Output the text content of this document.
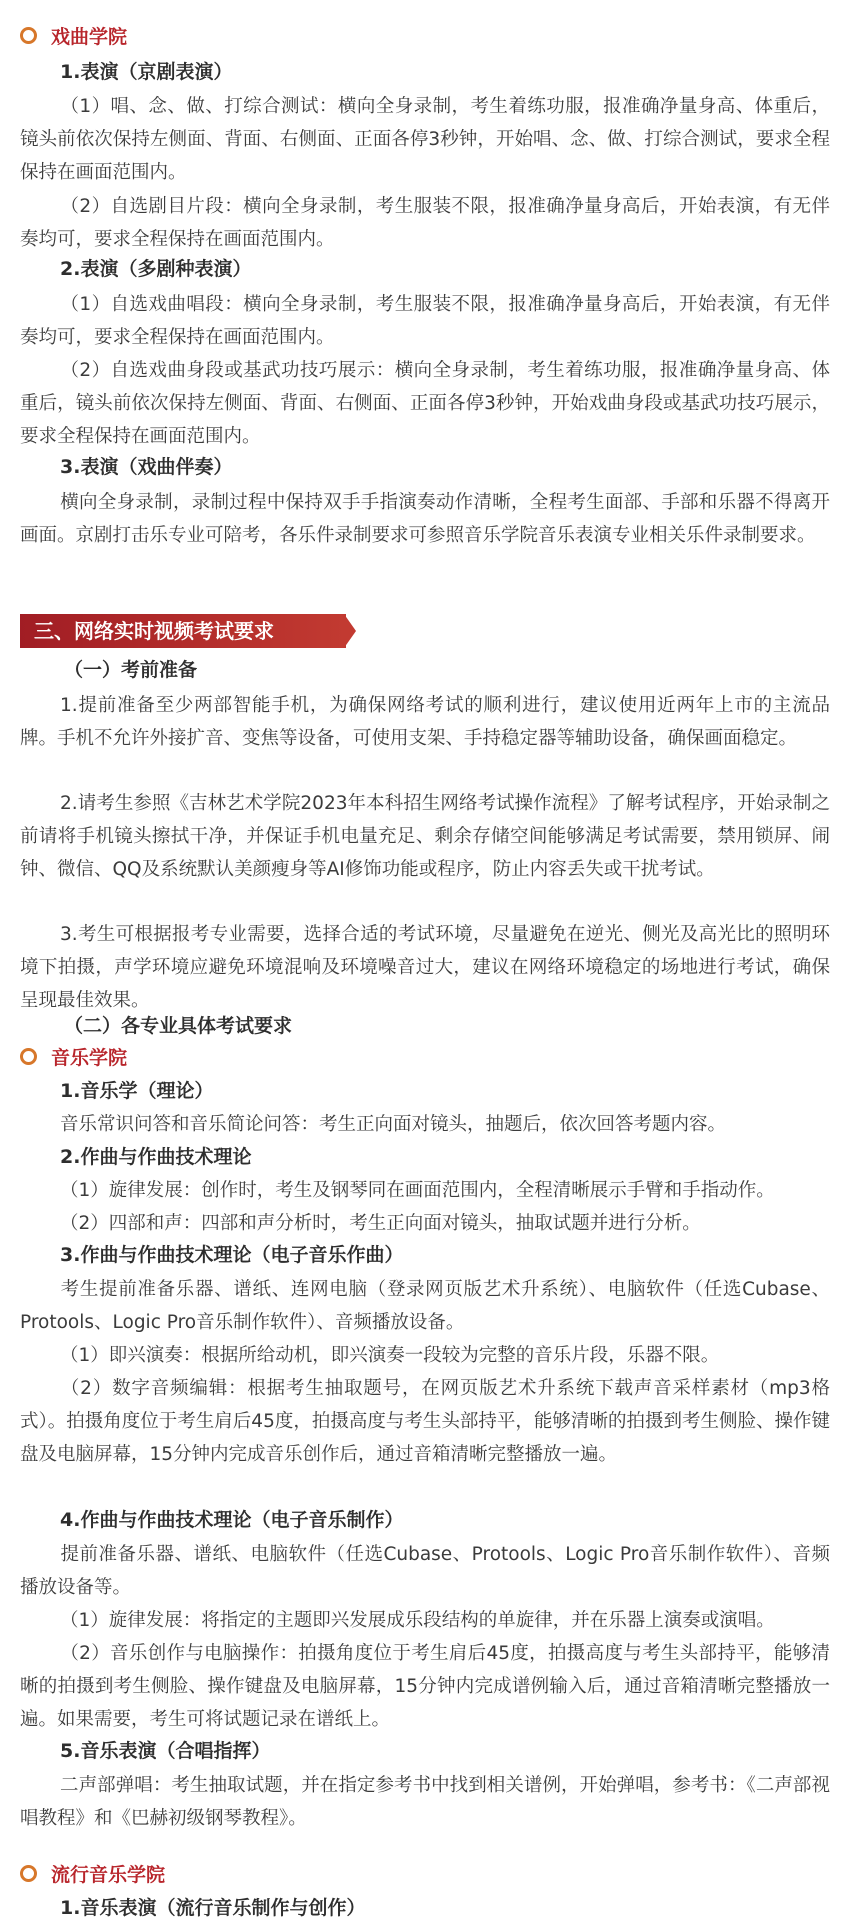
戏曲学院
1.表演（京剧表演）
（1）唱、念、做、打综合测试：横向全身录制，考生着练功服，报准确净量身高、体重后，镜头前依次保持左侧面、背面、右侧面、正面各停3秒钟，开始唱、念、做、打综合测试，要求全程保持在画面范围内。
（2）自选剧目片段：横向全身录制，考生服装不限，报准确净量身高后，开始表演，有无伴奏均可，要求全程保持在画面范围内。
2.表演（多剧种表演）
（1）自选戏曲唱段：横向全身录制，考生服装不限，报准确净量身高后，开始表演，有无伴奏均可，要求全程保持在画面范围内。
（2）自选戏曲身段或基武功技巧展示：横向全身录制，考生着练功服，报准确净量身高、体重后，镜头前依次保持左侧面、背面、右侧面、正面各停3秒钟，开始戏曲身段或基武功技巧展示，要求全程保持在画面范围内。
3.表演（戏曲伴奏）
横向全身录制，录制过程中保持双手手指演奏动作清晰，全程考生面部、手部和乐器不得离开画面。京剧打击乐专业可陪考，各乐件录制要求可参照音乐学院音乐表演专业相关乐件录制要求。
三、网络实时视频考试要求
（一）考前准备
1.提前准备至少两部智能手机，为确保网络考试的顺利进行，建议使用近两年上市的主流品牌。手机不允许外接扩音、变焦等设备，可使用支架、手持稳定器等辅助设备，确保画面稳定。
2.请考生参照《吉林艺术学院2023年本科招生网络考试操作流程》了解考试程序，开始录制之前请将手机镜头擦拭干净，并保证手机电量充足、剩余存储空间能够满足考试需要，禁用锁屏、闹钟、微信、QQ及系统默认美颜瘦身等AI修饰功能或程序，防止内容丢失或干扰考试。
3.考生可根据报考专业需要，选择合适的考试环境，尽量避免在逆光、侧光及高光比的照明环境下拍摄，声学环境应避免环境混响及环境噪音过大，建议在网络环境稳定的场地进行考试，确保呈现最佳效果。
（二）各专业具体考试要求
音乐学院
1.音乐学（理论）
音乐常识问答和音乐简论问答：考生正向面对镜头，抽题后，依次回答考题内容。
2.作曲与作曲技术理论
（1）旋律发展：创作时，考生及钢琴同在画面范围内，全程清晰展示手臂和手指动作。
（2）四部和声：四部和声分析时，考生正向面对镜头，抽取试题并进行分析。
3.作曲与作曲技术理论（电子音乐作曲）
考生提前准备乐器、谱纸、连网电脑（登录网页版艺术升系统）、电脑软件（任选Cubase、Protools、Logic Pro音乐制作软件）、音频播放设备。
（1）即兴演奏：根据所给动机，即兴演奏一段较为完整的音乐片段，乐器不限。
（2）数字音频编辑：根据考生抽取题号，在网页版艺术升系统下载声音采样素材（mp3格式）。拍摄角度位于考生肩后45度，拍摄高度与考生头部持平，能够清晰的拍摄到考生侧脸、操作键盘及电脑屏幕，15分钟内完成音乐创作后，通过音箱清晰完整播放一遍。
4.作曲与作曲技术理论（电子音乐制作）
提前准备乐器、谱纸、电脑软件（任选Cubase、Protools、Logic Pro音乐制作软件）、音频播放设备等。
（1）旋律发展：将指定的主题即兴发展成乐段结构的单旋律，并在乐器上演奏或演唱。
（2）音乐创作与电脑操作：拍摄角度位于考生肩后45度，拍摄高度与考生头部持平，能够清晰的拍摄到考生侧脸、操作键盘及电脑屏幕，15分钟内完成谱例输入后，通过音箱清晰完整播放一遍。如果需要，考生可将试题记录在谱纸上。
5.音乐表演（合唱指挥）
二声部弹唱：考生抽取试题，并在指定参考书中找到相关谱例，开始弹唱，参考书：《二声部视唱教程》和《巴赫初级钢琴教程》。
流行音乐学院
1.音乐表演（流行音乐制作与创作）
